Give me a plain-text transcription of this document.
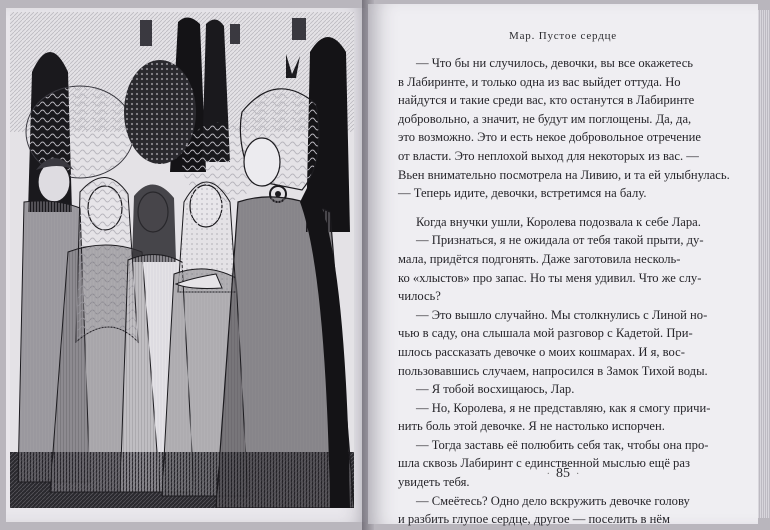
Мар. Пустое сердце
— Что бы ни случилось, девочки, вы все окажетесь
в Лабиринте, и только одна из вас выйдет оттуда. Но
найдутся и такие среди вас, кто останутся в Лабиринте
добровольно, а значит, не будут им поглощены. Да, да,
это возможно. Это и есть некое добровольное отречение
от власти. Это неплохой выход для некоторых из вас. —
Вьен внимательно посмотрела на Ливию, и та ей улыбнулась.
— Теперь идите, девочки, встретимся на балу.
Когда внучки ушли, Королева подозвала к себе Лара.
— Признаться, я не ожидала от тебя такой прыти, ду-
мала, придётся подгонять. Даже заготовила несколь-
ко «хлыстов» про запас. Но ты меня удивил. Что же слу-
чилось?
— Это вышло случайно. Мы столкнулись с Линой но-
чью в саду, она слышала мой разговор с Кадетой. При-
шлось рассказать девочке о моих кошмарах. И я, вос-
пользовавшись случаем, напросился в Замок Тихой воды.
— Я тобой восхищаюсь, Лар.
— Но, Королева, я не представляю, как я смогу причи-
нить боль этой девочке. Я не настолько испорчен.
— Тогда заставь её полюбить себя так, чтобы она про-
шла сквозь Лабиринт с единственной мыслью ещё раз
увидеть тебя.
— Смеётесь? Одно дело вскружить девочке голову
и разбить глупое сердце, другое — поселить в нём
· 85 ·
